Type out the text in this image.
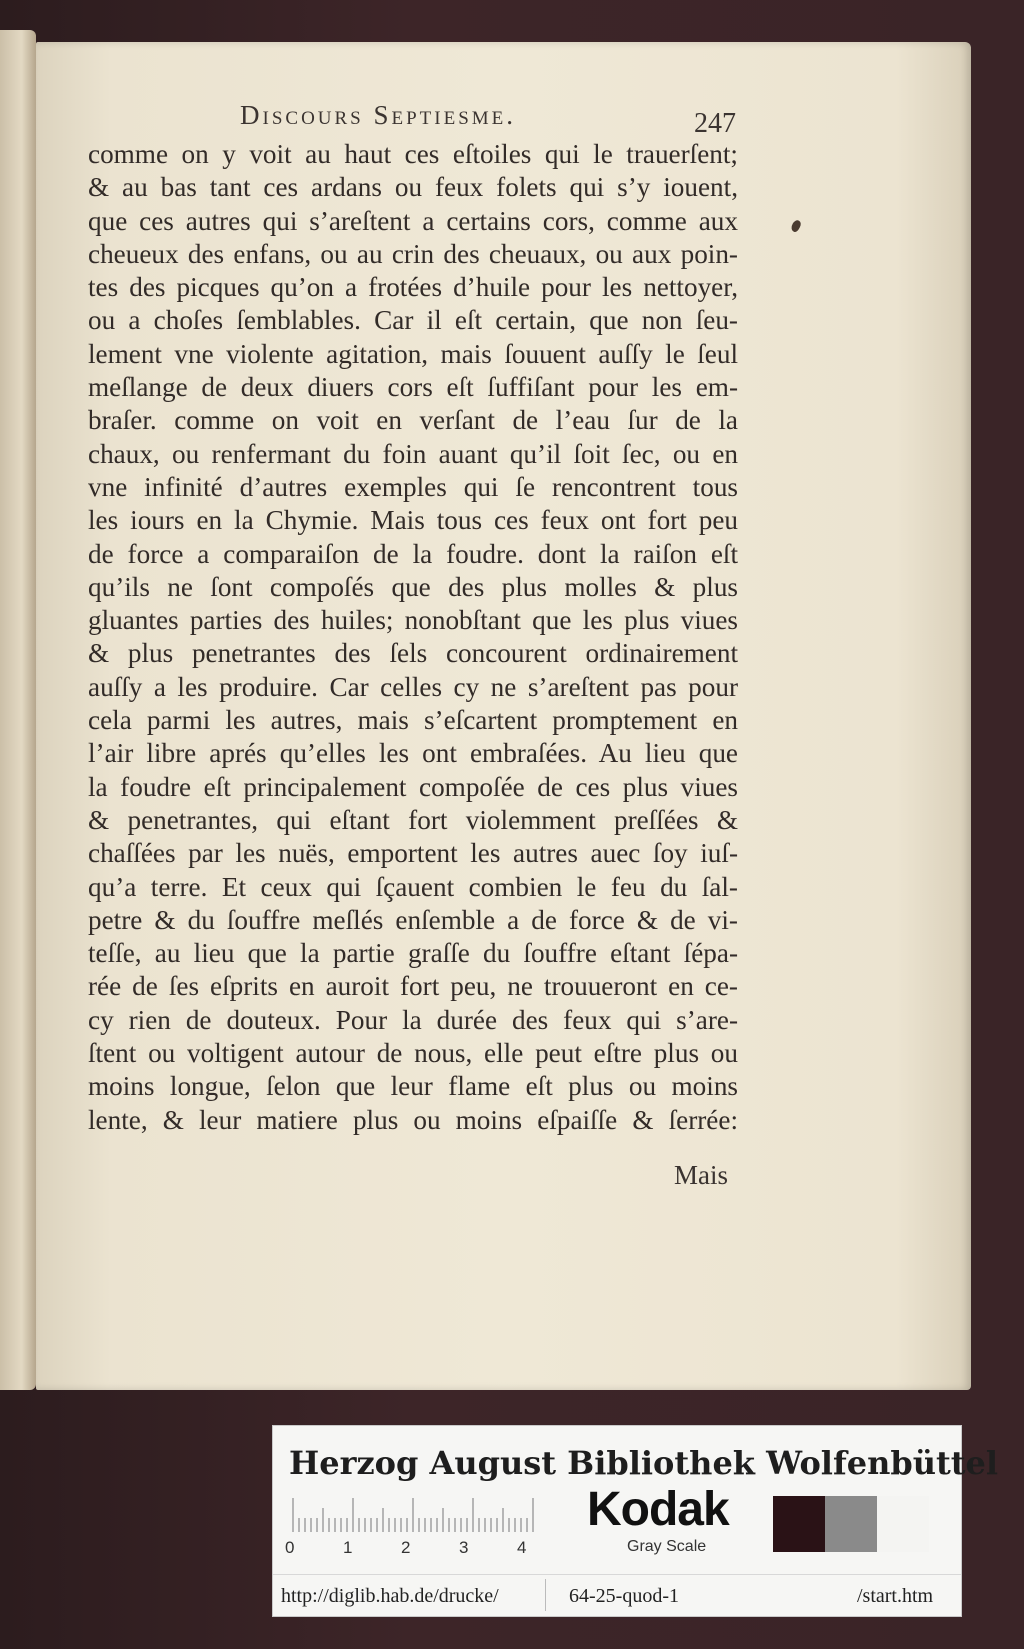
Discours Septiesme.	247
comme on y voit au haut ces eſtoiles qui le trauerſent;
& au bas tant ces ardans ou feux folets qui s’y iouent,
que ces autres qui s’areſtent a certains cors, comme aux
cheueux des enfans, ou au crin des cheuaux, ou aux poin-
tes des picques qu’on a frotées d’huile pour les nettoyer,
ou a choſes ſemblables. Car il eſt certain, que non ſeu-
lement vne violente agitation, mais ſouuent auſſy le ſeul
meſlange de deux diuers cors eſt ſuffiſant pour les em-
braſer. comme on voit en verſant de l’eau ſur de la
chaux, ou renfermant du foin auant qu’il ſoit ſec, ou en
vne infinité d’autres exemples qui ſe rencontrent tous
les iours en la Chymie. Mais tous ces feux ont fort peu
de force a comparaiſon de la foudre. dont la raiſon eſt
qu’ils ne ſont compoſés que des plus molles & plus
gluantes parties des huiles; nonobſtant que les plus viues
& plus penetrantes des ſels concourent ordinairement
auſſy a les produire. Car celles cy ne s’areſtent pas pour
cela parmi les autres, mais s’eſcartent promptement en
l’air libre aprés qu’elles les ont embraſées. Au lieu que
la foudre eſt principalement compoſée de ces plus viues
& penetrantes, qui eſtant fort violemment preſſées &
chaſſées par les nuës, emportent les autres auec ſoy iuſ-
qu’a terre. Et ceux qui ſçauent combien le feu du ſal-
petre & du ſouffre meſlés enſemble a de force & de vi-
teſſe, au lieu que la partie graſſe du ſouffre eſtant ſépa-
rée de ſes eſprits en auroit fort peu, ne trouueront en ce-
cy rien de douteux. Pour la durée des feux qui s’are-
ſtent ou voltigent autour de nous, elle peut eſtre plus ou
moins longue, ſelon que leur flame eſt plus ou moins
lente, & leur matiere plus ou moins eſpaiſſe & ſerrée:
Mais
Herzog August Bibliothek Wolfenbüttel
0	1	2	3	4
Kodak
Gray Scale
http://diglib.hab.de/drucke/	64-25-quod-1	/start.htm
